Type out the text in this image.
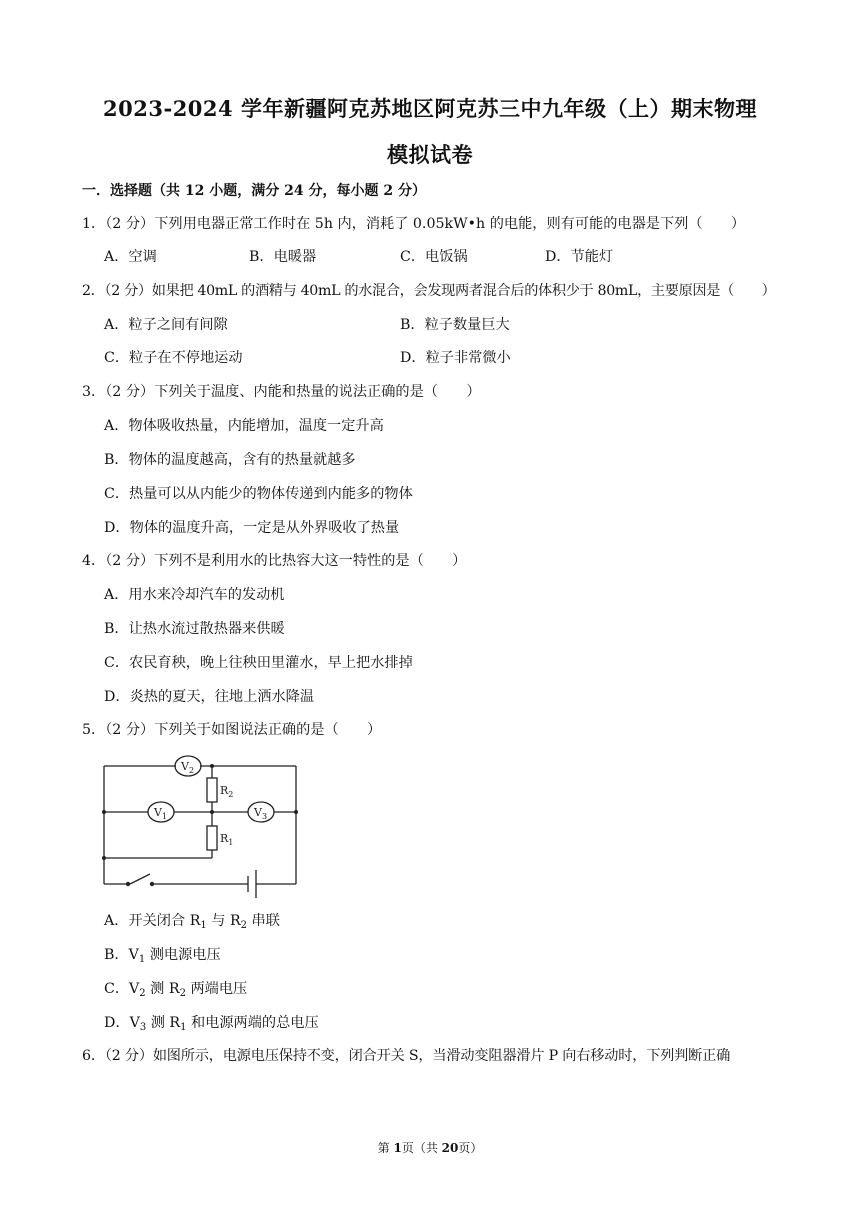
2023-2024 学年新疆阿克苏地区阿克苏三中九年级（上）期末物理
模拟试卷
一．选择题（共 12 小题，满分 24 分，每小题 2 分）
1．（2 分）下列用电器正常工作时在 5h 内，消耗了 0.05kW•h 的电能，则有可能的电器是下列（　　）
A．空调	B．电暖器	C．电饭锅	D．节能灯
2．（2 分）如果把 40mL 的酒精与 40mL 的水混合，会发现两者混合后的体积少于 80mL，主要原因是（　　）
A．粒子之间有间隙	B．粒子数量巨大
C．粒子在不停地运动	D．粒子非常微小
3．（2 分）下列关于温度、内能和热量的说法正确的是（　　）
A．物体吸收热量，内能增加，温度一定升高
B．物体的温度越高，含有的热量就越多
C．热量可以从内能少的物体传递到内能多的物体
D．物体的温度升高，一定是从外界吸收了热量
4．（2 分）下列不是利用水的比热容大这一特性的是（　　）
A．用水来冷却汽车的发动机
B．让热水流过散热器来供暖
C．农民育秧，晚上往秧田里灌水，早上把水排掉
D．炎热的夏天，往地上洒水降温
5．（2 分）下列关于如图说法正确的是（　　）
$V_2$
$V_1$	$V_3$
$R_2$
$R_1$
A．开关闭合 $R_1$ 与 $R_2$ 串联
B．$V_1$ 测电源电压
C．$V_2$ 测 $R_2$ 两端电压
D．$V_3$ 测 $R_1$ 和电源两端的总电压
6．（2 分）如图所示，电源电压保持不变，闭合开关 S，当滑动变阻器滑片 P 向右移动时，下列判断正确
第 1页（共 20页）
